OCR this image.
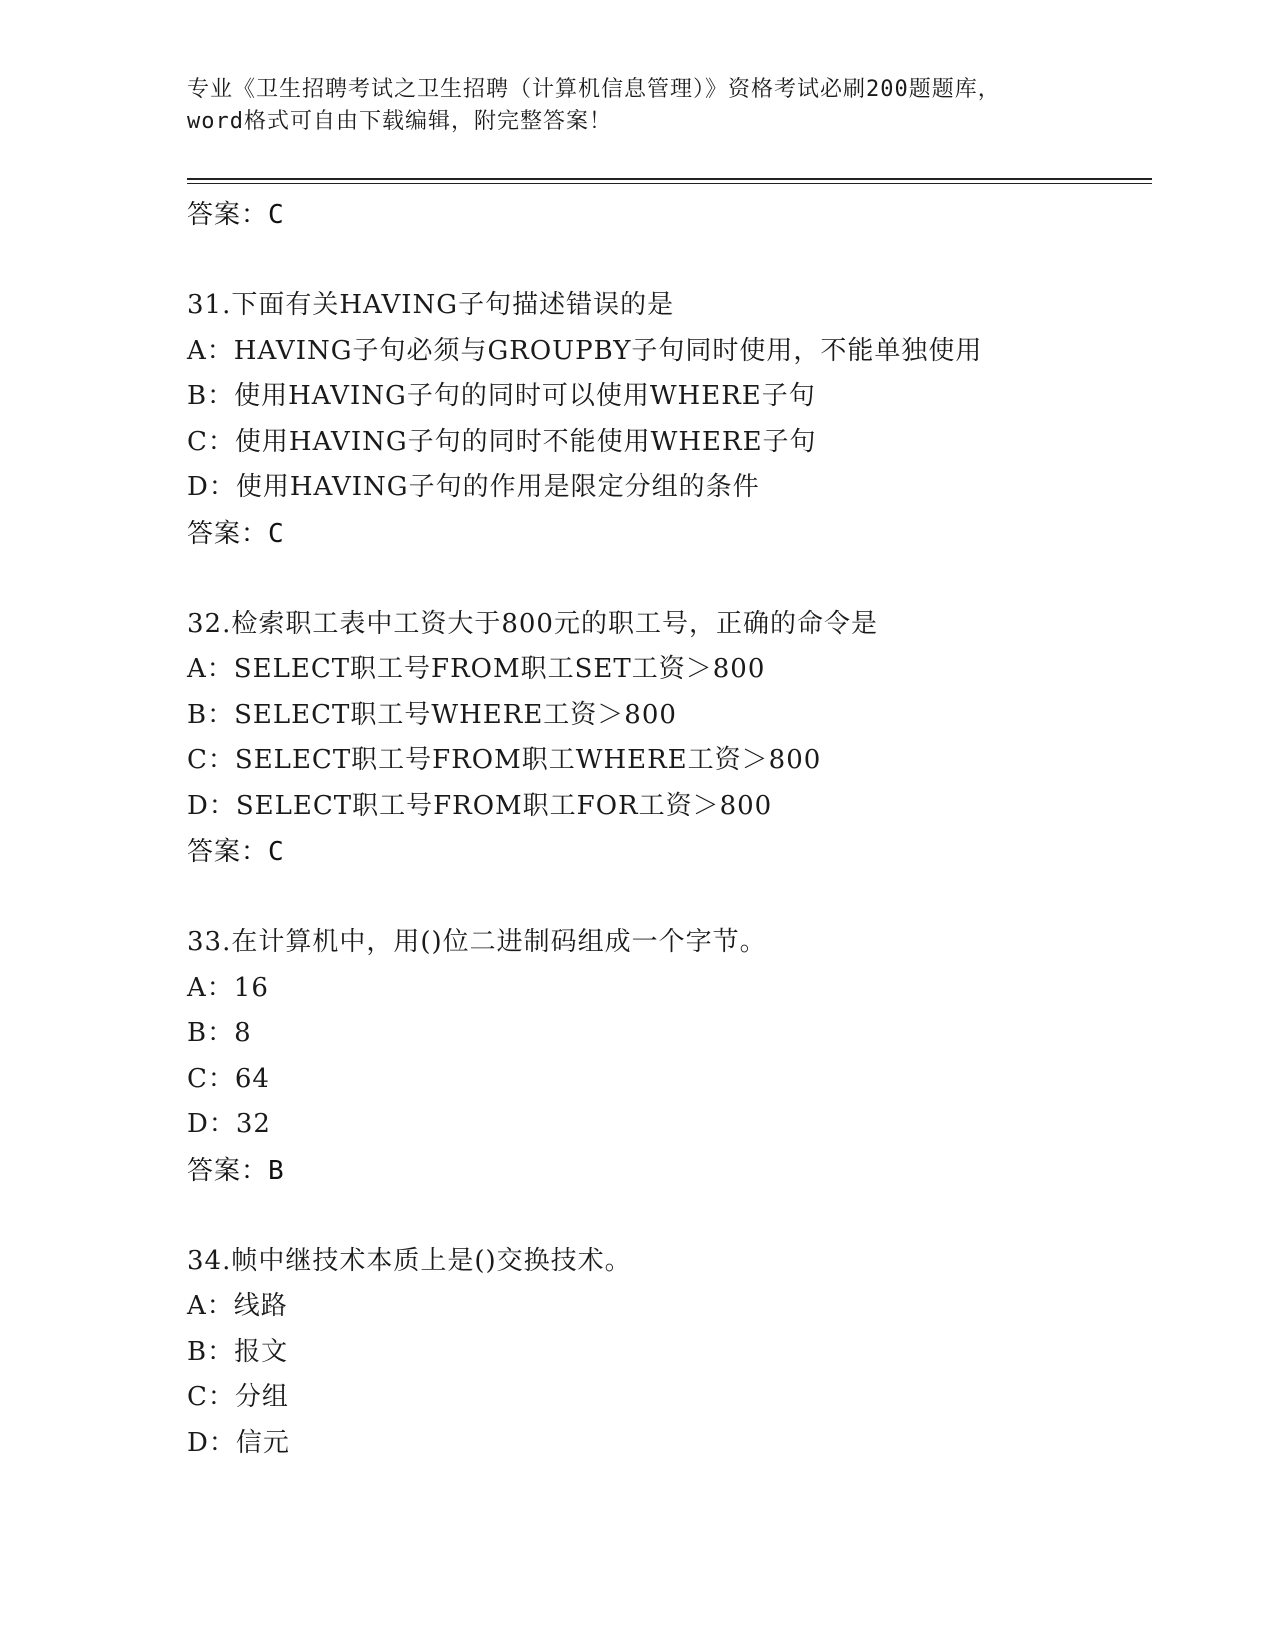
专业《卫生招聘考试之卫生招聘（计算机信息管理）》资格考试必刷200题题库，
word格式可自由下载编辑，附完整答案！
答案：C
31.下面有关HAVING子句描述错误的是
A：HAVING子句必须与GROUPBY子句同时使用，不能单独使用
B：使用HAVING子句的同时可以使用WHERE子句
C：使用HAVING子句的同时不能使用WHERE子句
D：使用HAVING子句的作用是限定分组的条件
答案：C
32.检索职工表中工资大于800元的职工号，正确的命令是
A：SELECT职工号FROM职工SET工资＞800
B：SELECT职工号WHERE工资＞800
C：SELECT职工号FROM职工WHERE工资＞800
D：SELECT职工号FROM职工FOR工资＞800
答案：C
33.在计算机中，用()位二进制码组成一个字节。
A：16
B：8
C：64
D：32
答案：B
34.帧中继技术本质上是()交换技术。
A：线路
B：报文
C：分组
D：信元
